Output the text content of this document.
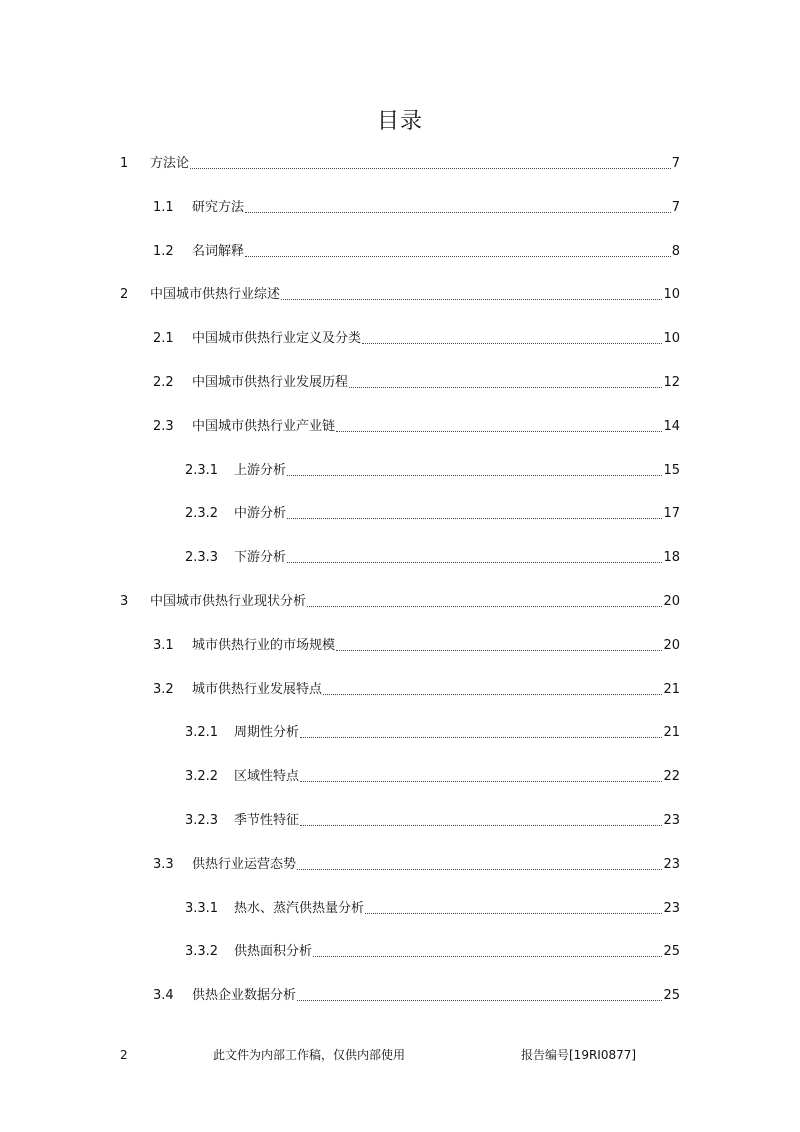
目录
1	方法论	7
1.1	研究方法	7
1.2	名词解释	8
2	中国城市供热行业综述	10
2.1	中国城市供热行业定义及分类	10
2.2	中国城市供热行业发展历程	12
2.3	中国城市供热行业产业链	14
2.3.1	上游分析	15
2.3.2	中游分析	17
2.3.3	下游分析	18
3	中国城市供热行业现状分析	20
3.1	城市供热行业的市场规模	20
3.2	城市供热行业发展特点	21
3.2.1	周期性分析	21
3.2.2	区域性特点	22
3.2.3	季节性特征	23
3.3	供热行业运营态势	23
3.3.1	热水、蒸汽供热量分析	23
3.3.2	供热面积分析	25
3.4	供热企业数据分析	25
2	此文件为内部工作稿，仅供内部使用	报告编号[19RI0877]
